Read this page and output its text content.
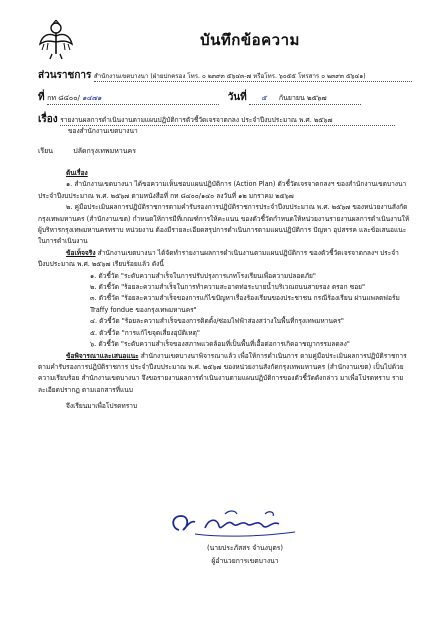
บันทึกข้อความ
ส่วนราชการ สำนักงานเขตบางนา (ฝ่ายปกครอง โทร. ๐ ๒๓๙๓ ๕๖๔๓-๗ หรือโทร. ๖๐๕๕ โทรสาร ๐ ๒๓๙๓ ๕๖๔๑)
ที่ กท ๘๔๐๐/ ๑๔๗๑	วันที่ ๕ กันยายน ๒๕๖๗
เรื่อง รายงานผลการดำเนินงานตามแผนปฏิบัติการตัวชี้วัดเจรจาตกลง ประจำปีงบประมาณ พ.ศ. ๒๕๖๗
ของสำนักงานเขตบางนา
เรียน	ปลัดกรุงเทพมหานคร

ต้นเรื่อง

๑. สำนักงานเขตบางนา ได้ขอความเห็นชอบแผนปฏิบัติการ (Action Plan) ตัวชี้วัดเจรจาตกลงฯ ของสำนักงานเขตบางนา ประจำปีงบประมาณ พ.ศ. ๒๕๖๗ ตามหนังสือที่ กท ๘๔๐๐/๑๔๐ ลงวันที่ ๑๒ มกราคม ๒๕๖๗

๒. คู่มือประเมินผลการปฏิบัติราชการตามคำรับรองการปฏิบัติราชการประจำปีงบประมาณ พ.ศ. ๒๕๖๗ ของหน่วยงานสังกัดกรุงเทพมหานคร (สำนักงานเขต) กำหนดให้การมีที่เกณฑ์การให้คะแนน ของตัวชี้วัดกำหนดให้หน่วยงานรายงานผลการดำเนินงานให้ผู้บริหารกรุงเทพมหานครทราบ หน่วยงาน ต้องมีรายละเอียดสรุปการดำเนินการตามแผนปฏิบัติการ ปัญหา อุปสรรค และข้อเสนอแนะในการดำเนินงาน

ข้อเท็จจริง สำนักงานเขตบางนา ได้จัดทำรายงานผลการดำเนินงานตามแผนปฏิบัติการ ของตัวชี้วัดเจรจาตกลงฯ ประจำปีงบประมาณ พ.ศ. ๒๕๖๗ เรียบร้อยแล้ว ดังนี้

๑. ตัวชี้วัด "ระดับความสำเร็จในการปรับปรุงการเภทโรงเรียนเพื่อความปลอดภัย"

๒. ตัวชี้วัด "ร้อยละความสำเร็จในการทำความสะอาดท่อระบายน้ำบริเวณถนนสายรอง ตรอก ซอย"

๓. ตัวชี้วัด "ร้อยละความสำเร็จของการแก้ไขปัญหาเรื่องร้องเรียนของประชาชน กรณีร้องเรียน ผ่านแพลตฟอร์ม Traffy fondue ของกรุงเทพมหานคร"

๔. ตัวชี้วัด "ร้อยละความสำเร็จของการติดตั้ง/ซ่อมไฟฟ้าส่องสว่างในพื้นที่กรุงเทพมหานคร"

๕. ตัวชี้วัด "การแก้ไขจุดเสี่ยงอุบัติเหตุ"

๖. ตัวชี้วัด "ระดับความสำเร็จของสภาพแวดล้อมที่เป็นพื้นที่เอื้อต่อการเกิดอาชญากรรมลดลง"

ข้อพิจารณาและเสนอแนะ สำนักงานเขตบางนาพิจารณาแล้ว เพื่อให้การดำเนินการ ตามคู่มือประเมินผลการปฏิบัติราชการตามคำรับรองการปฏิบัติราชการ ประจำปีงบประมาณ พ.ศ. ๒๕๖๗ ของหน่วยงานสังกัดกรุงเทพมหานคร (สำนักงานเขต) เป็นไปด้วยความเรียบร้อย สำนักงานเขตบางนา จึงขอรายงานผลการดำเนินงานตามแผนปฏิบัติการของตัวชี้วัดดังกล่าว มาเพื่อโปรดทราบ รายละเอียดปรากฏ ตามเอกสารที่แนบ

จึงเรียนมาเพื่อโปรดทราบ

(นายประภัสสร จำนงบุตร)
ผู้อำนวยการเขตบางนา
